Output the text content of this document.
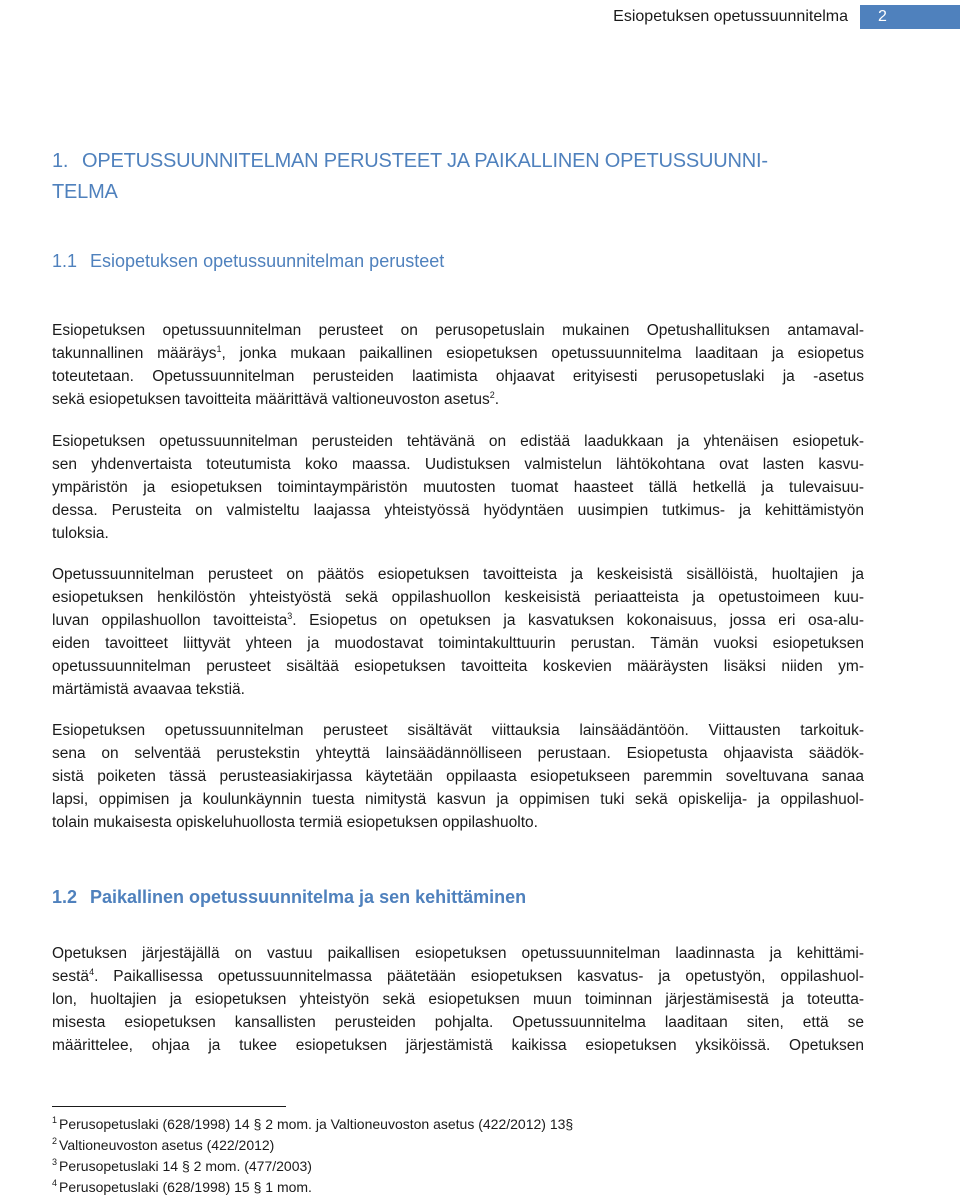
Esiopetuksen opetussuunnitelma 2
1. OPETUSSUUNNITELMAN PERUSTEET JA PAIKALLINEN OPETUSSUUNNI-
TELMA
1.1 Esiopetuksen opetussuunnitelman perusteet
Esiopetuksen opetussuunnitelman perusteet on perusopetuslain mukainen Opetushallituksen antamaval-
takunnallinen määräys$^1$, jonka mukaan paikallinen esiopetuksen opetussuunnitelma laaditaan ja esiopetus
toteutetaan. Opetussuunnitelman perusteiden laatimista ohjaavat erityisesti perusopetuslaki ja -asetus
sekä esiopetuksen tavoitteita määrittävä valtioneuvoston asetus$^2$.
Esiopetuksen opetussuunnitelman perusteiden tehtävänä on edistää laadukkaan ja yhtenäisen esiopetuk-
sen yhdenvertaista toteutumista koko maassa. Uudistuksen valmistelun lähtökohtana ovat lasten kasvu-
ympäristön ja esiopetuksen toimintaympäristön muutosten tuomat haasteet tällä hetkellä ja tulevaisuu-
dessa. Perusteita on valmisteltu laajassa yhteistyössä hyödyntäen uusimpien tutkimus- ja kehittämistyön
tuloksia.
Opetussuunnitelman perusteet on päätös esiopetuksen tavoitteista ja keskeisistä sisällöistä, huoltajien ja
esiopetuksen henkilöstön yhteistyöstä sekä oppilashuollon keskeisistä periaatteista ja opetustoimeen kuu-
luvan oppilashuollon tavoitteista$^3$. Esiopetus on opetuksen ja kasvatuksen kokonaisuus, jossa eri osa-alu-
eiden tavoitteet liittyvät yhteen ja muodostavat toimintakulttuurin perustan. Tämän vuoksi esiopetuksen
opetussuunnitelman perusteet sisältää esiopetuksen tavoitteita koskevien määräysten lisäksi niiden ym-
märtämistä avaavaa tekstiä.
Esiopetuksen opetussuunnitelman perusteet sisältävät viittauksia lainsäädäntöön. Viittausten tarkoituk-
sena on selventää perustekstin yhteyttä lainsäädännölliseen perustaan. Esiopetusta ohjaavista säädök-
sistä poiketen tässä perusteasiakirjassa käytetään oppilaasta esiopetukseen paremmin soveltuvana sanaa
lapsi, oppimisen ja koulunkäynnin tuesta nimitystä kasvun ja oppimisen tuki sekä opiskelija- ja oppilashuol-
tolain mukaisesta opiskeluhuollosta termiä esiopetuksen oppilashuolto.
1.2 Paikallinen opetussuunnitelma ja sen kehittäminen
Opetuksen järjestäjällä on vastuu paikallisen esiopetuksen opetussuunnitelman laadinnasta ja kehittämi-
sestä$^4$. Paikallisessa opetussuunnitelmassa päätetään esiopetuksen kasvatus- ja opetustyön, oppilashuol-
lon, huoltajien ja esiopetuksen yhteistyön sekä esiopetuksen muun toiminnan järjestämisestä ja toteutta-
misesta esiopetuksen kansallisten perusteiden pohjalta. Opetussuunnitelma laaditaan siten, että se
määrittelee, ohjaa ja tukee esiopetuksen järjestämistä kaikissa esiopetuksen yksiköissä. Opetuksen
$^1$ Perusopetuslaki (628/1998) 14 § 2 mom. ja Valtioneuvoston asetus (422/2012) 13§
$^2$ Valtioneuvoston asetus (422/2012)
$^3$ Perusopetuslaki 14 § 2 mom. (477/2003)
$^4$ Perusopetuslaki (628/1998) 15 § 1 mom.
